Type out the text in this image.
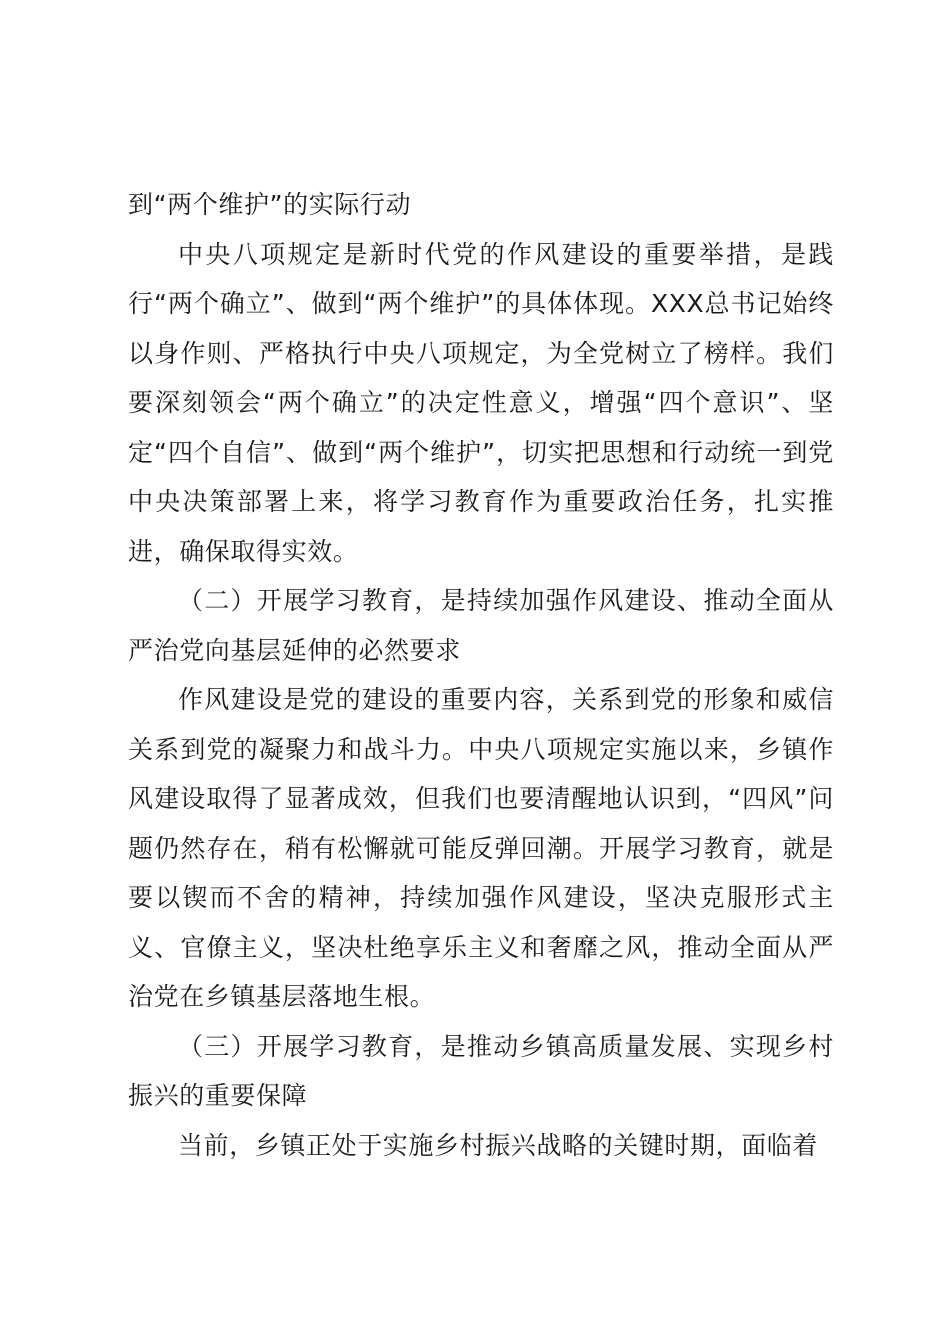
到“两个维护”的实际行动

中央八项规定是新时代党的作风建设的重要举措，是践行“两个确立”、做到“两个维护”的具体体现。XXX总书记始终以身作则、严格执行中央八项规定，为全党树立了榜样。我们要深刻领会“两个确立”的决定性意义，增强“四个意识”、坚定“四个自信”、做到“两个维护”，切实把思想和行动统一到党中央决策部署上来，将学习教育作为重要政治任务，扎实推进，确保取得实效。

（二）开展学习教育，是持续加强作风建设、推动全面从严治党向基层延伸的必然要求

作风建设是党的建设的重要内容，关系到党的形象和威信关系到党的凝聚力和战斗力。中央八项规定实施以来，乡镇作风建设取得了显著成效，但我们也要清醒地认识到，“四风”问题仍然存在，稍有松懈就可能反弹回潮。开展学习教育，就是要以锲而不舍的精神，持续加强作风建设，坚决克服形式主义、官僚主义，坚决杜绝享乐主义和奢靡之风，推动全面从严治党在乡镇基层落地生根。

（三）开展学习教育，是推动乡镇高质量发展、实现乡村振兴的重要保障

当前，乡镇正处于实施乡村振兴战略的关键时期，面临着
